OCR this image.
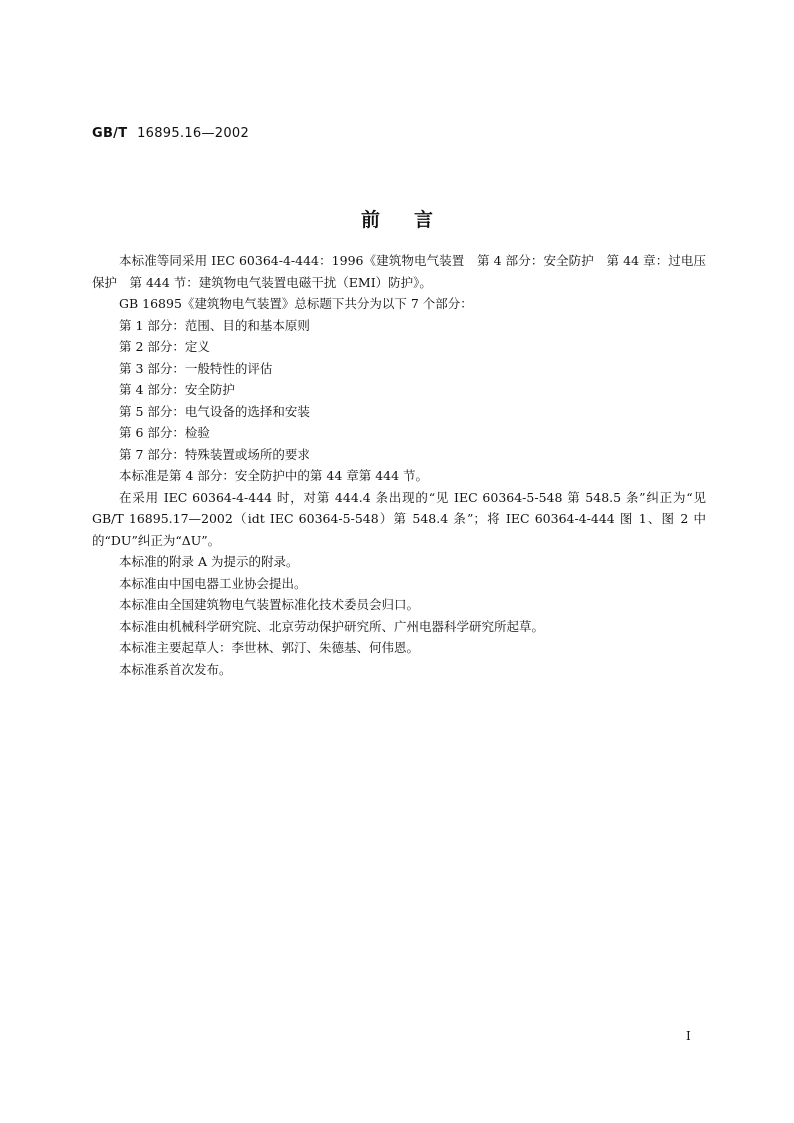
GB/T 16895.16—2002
前言

本标准等同采用 IEC 60364-4-444：1996《建筑物电气装置　第 4 部分：安全防护　第 44 章：过电压保护　第 444 节：建筑物电气装置电磁干扰（EMI）防护》。

GB 16895《建筑物电气装置》总标题下共分为以下 7 个部分：

第 1 部分：范围、目的和基本原则

第 2 部分：定义

第 3 部分：一般特性的评估

第 4 部分：安全防护

第 5 部分：电气设备的选择和安装

第 6 部分：检验

第 7 部分：特殊装置或场所的要求

本标准是第 4 部分：安全防护中的第 44 章第 444 节。

在采用 IEC 60364-4-444 时，对第 444.4 条出现的“见 IEC 60364-5-548 第 548.5 条”纠正为“见 GB/T 16895.17—2002（idt IEC 60364-5-548）第 548.4 条”；将 IEC 60364-4-444 图 1、图 2 中的“DU”纠正为“ΔU”。

本标准的附录 A 为提示的附录。

本标准由中国电器工业协会提出。

本标准由全国建筑物电气装置标准化技术委员会归口。

本标准由机械科学研究院、北京劳动保护研究所、广州电器科学研究所起草。

本标准主要起草人：李世林、郭汀、朱德基、何伟恩。

本标准系首次发布。

I
